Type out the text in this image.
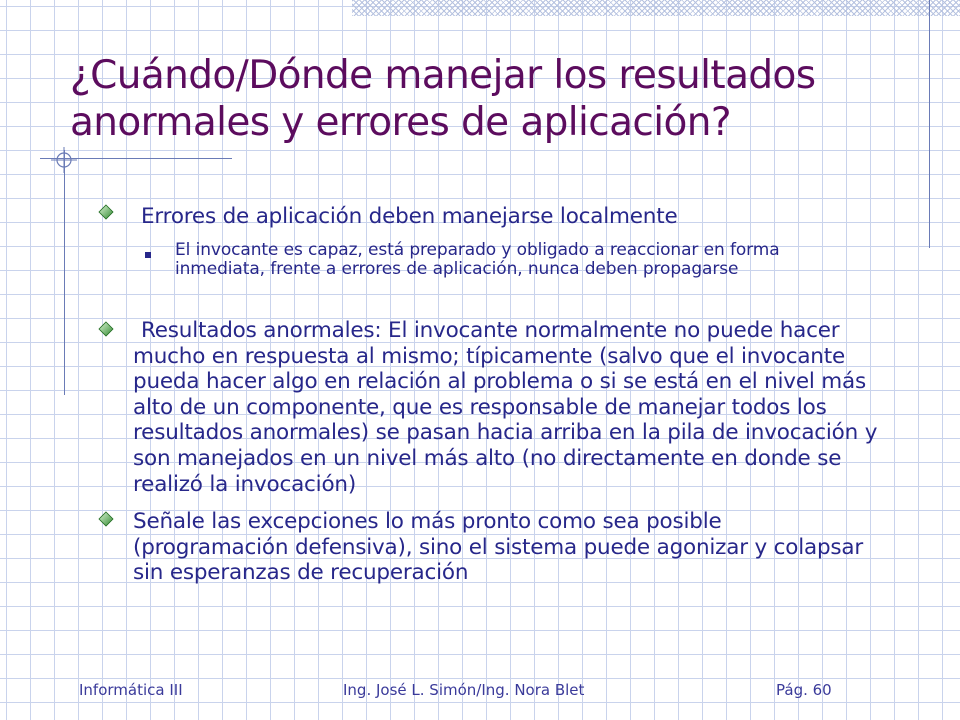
¿Cuándo/Dónde manejar los resultados anormales y errores de aplicación?
Errores de aplicación deben manejarse localmente
El invocante es capaz, está preparado y obligado a reaccionar en forma inmediata, frente a errores de aplicación, nunca deben propagarse
Resultados anormales: El invocante normalmente no puede hacer mucho en respuesta al mismo; típicamente (salvo que el invocante pueda hacer algo en relación al problema o si se está en el nivel más alto de un componente, que es responsable de manejar todos los resultados anormales) se pasan hacia arriba en la pila de invocación y son manejados en un nivel más alto (no directamente en donde se realizó la invocación)
Señale las excepciones lo más pronto como sea posible (programación defensiva), sino el sistema puede agonizar y colapsar sin esperanzas de recuperación
Informática III	Ing. José L. Simón/Ing. Nora Blet	Pág. 60
